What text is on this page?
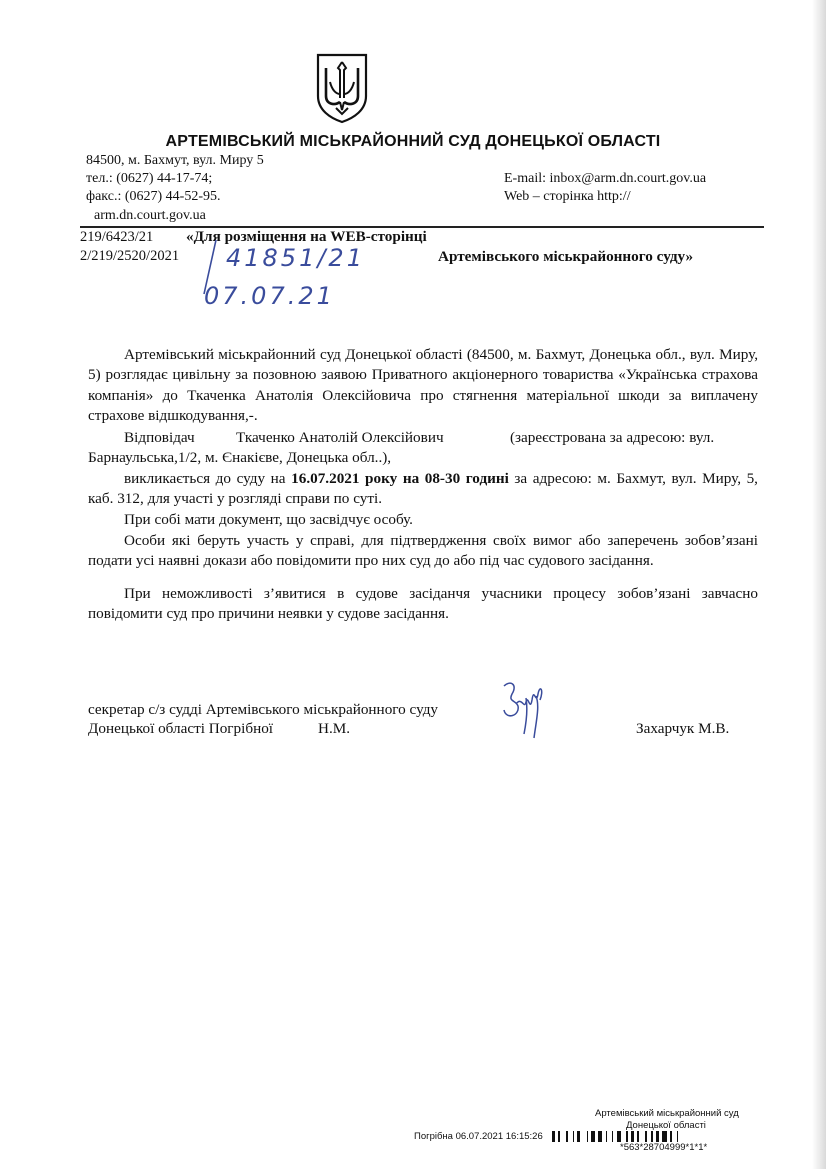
АРТЕМІВСЬКИЙ МІСЬКРАЙОННИЙ СУД ДОНЕЦЬКОЇ ОБЛАСТІ
84500, м. Бахмут, вул. Миру 5
тел.: (0627) 44-17-74;
факс.: (0627) 44-52-95.
arm.dn.court.gov.ua
E-mail: inbox@arm.dn.court.gov.ua
Web – сторінка http://
219/6423/21
2/219/2520/2021
«Для розміщення на WEB-сторінці
Артемівського міськрайонного суду»
41851/21
07.07.21
Артемівський міськрайонний суд Донецької області (84500, м. Бахмут, Донецька обл., вул. Миру, 5) розглядає цивільну за позовною заявою Приватного акціонерного товариства «Українська страхова компанія» до Ткаченка Анатолія Олексійовича про стягнення матеріальної шкоди за виплачену страхове відшкодування,-.
Відповідач	Ткаченко Анатолій Олексійович	(зареєстрована за адресою: вул.
Барнаульська,1/2, м. Єнакієве, Донецька обл..),
викликається до суду на 16.07.2021 року на 08-30 годині за адресою: м. Бахмут, вул. Миру, 5, каб. 312, для участі у розгляді справи по суті.
При собі мати документ, що засвідчує особу.
Особи які беруть участь у справі, для підтвердження своїх вимог або заперечень зобов’язані подати усі наявні докази або повідомити про них суд до або під час судового засідання.
При неможливості з’явитися в судове засіданчя учасники процесу зобов’язані завчасно повідомити суд про причини неявки у судове засідання.
секретар с/з судді Артемівського міськрайонного суду
Донецької області Погрібної	Н.М.	Захарчук М.В.
Артемівський міськрайонний суд
Донецької області
Погрібна 06.07.2021 16:15:26
*563*28704999*1*1*
